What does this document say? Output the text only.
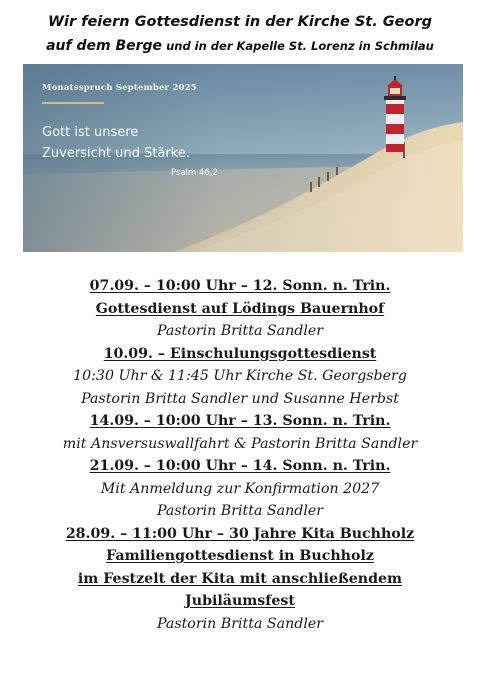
Wir feiern Gottesdienst in der Kirche St. Georg
auf dem Berge und in der Kapelle St. Lorenz in Schmilau
Monatsspruch September 2025
Gott ist unsere
Zuversicht und Stärke.
Psalm 46,2
07.09. – 10:00 Uhr – 12. Sonn. n. Trin.
Gottesdienst auf Lödings Bauernhof
Pastorin Britta Sandler
10.09. – Einschulungsgottesdienst
10:30 Uhr & 11:45 Uhr Kirche St. Georgsberg
Pastorin Britta Sandler und Susanne Herbst
14.09. – 10:00 Uhr – 13. Sonn. n. Trin.
mit Ansversuswallfahrt & Pastorin Britta Sandler
21.09. – 10:00 Uhr – 14. Sonn. n. Trin.
Mit Anmeldung zur Konfirmation 2027
Pastorin Britta Sandler
28.09. – 11:00 Uhr – 30 Jahre Kita Buchholz
Familiengottesdienst in Buchholz
im Festzelt der Kita mit anschließendem
Jubiläumsfest
Pastorin Britta Sandler
